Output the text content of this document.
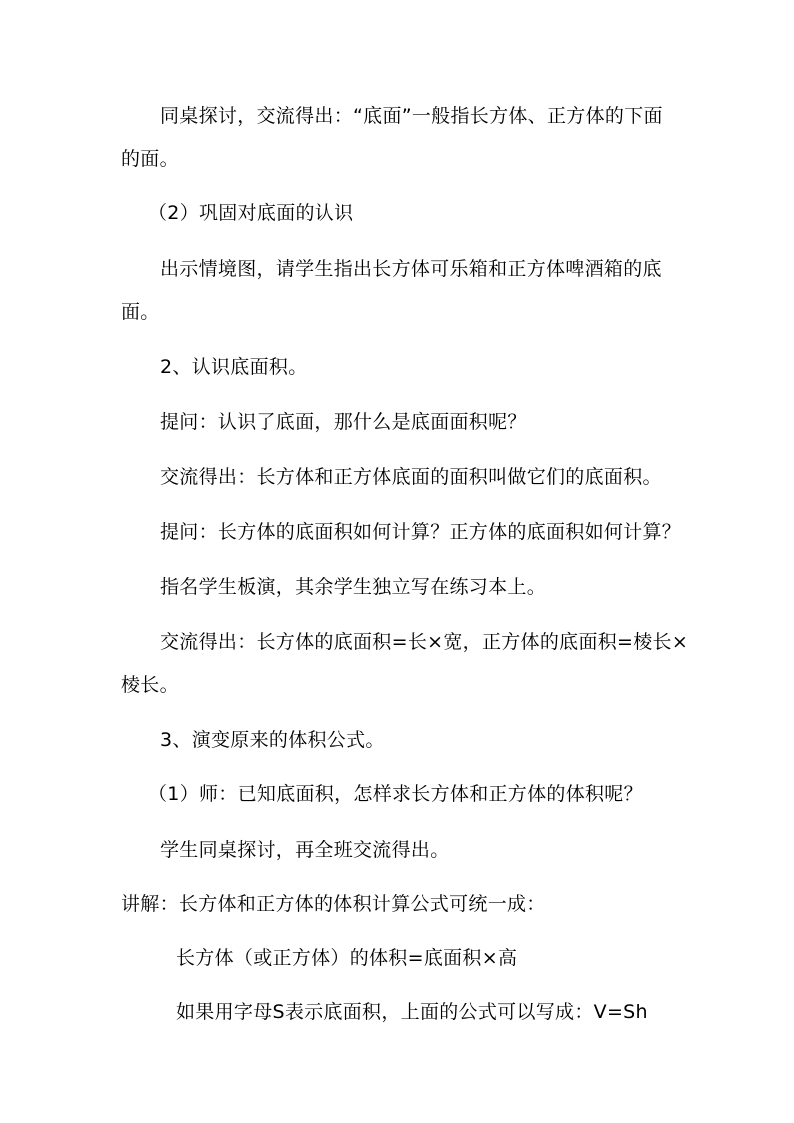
同桌探讨，交流得出：“底面”一般指长方体、正方体的下面
的面。
（2）巩固对底面的认识
出示情境图，请学生指出长方体可乐箱和正方体啤酒箱的底
面。
2、认识底面积。
提问：认识了底面，那什么是底面面积呢？
交流得出：长方体和正方体底面的面积叫做它们的底面积。
提问：长方体的底面积如何计算？正方体的底面积如何计算？
指名学生板演，其余学生独立写在练习本上。
交流得出：长方体的底面积=长×宽，正方体的底面积=棱长×
棱长。
3、演变原来的体积公式。
（1）师：已知底面积，怎样求长方体和正方体的体积呢？
学生同桌探讨，再全班交流得出。
讲解：长方体和正方体的体积计算公式可统一成：
长方体（或正方体）的体积=底面积×高
如果用字母S表示底面积，上面的公式可以写成：V=Sh
